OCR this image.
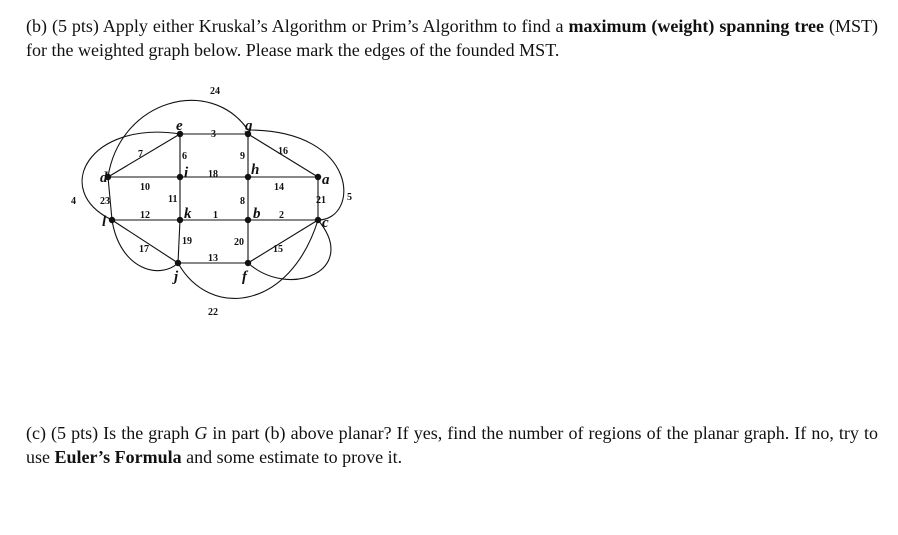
(b) (5 pts) Apply either Kruskal’s Algorithm or Prim’s Algorithm to find a maximum (weight) spanning tree (MST) for the weighted graph below. Please mark the edges of the founded MST.
e	g
d	i	h
a
l	k	b
c
j	f
24
3
7	6	9	16
18
10	14
11	8	21
23
12	1	2
17
19	20
15
13
22
4	5
(c) (5 pts) Is the graph G in part (b) above planar? If yes, find the number of regions of the planar graph. If no, try to use Euler’s Formula and some estimate to prove it.
